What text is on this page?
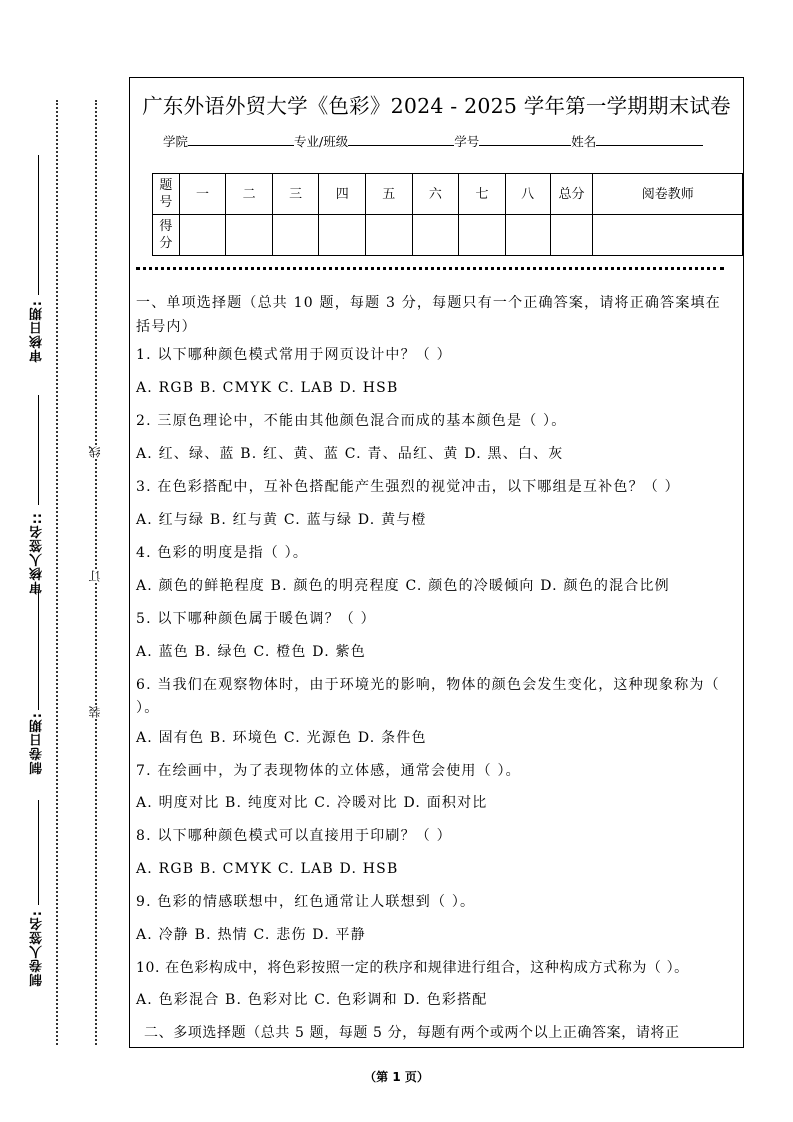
审核日期:
审核人签名::
制卷日期:
制卷人签名:
线
订
装
广东外语外贸大学《色彩》2024 - 2025 学年第一学期期末试卷
学院	专业/班级	学号	姓名
题号	一	二	三	四	五	六	七	八	总分	阅卷教师
得分										
一、单项选择题（总共 10 题，每题 3 分，每题只有一个正确答案，请将正确答案填在括号内）
1. 以下哪种颜色模式常用于网页设计中？（ ）
A. RGB B. CMYK C. LAB D. HSB
2. 三原色理论中，不能由其他颜色混合而成的基本颜色是（ ）。
A. 红、绿、蓝 B. 红、黄、蓝 C. 青、品红、黄 D. 黑、白、灰
3. 在色彩搭配中，互补色搭配能产生强烈的视觉冲击，以下哪组是互补色？（ ）
A. 红与绿 B. 红与黄 C. 蓝与绿 D. 黄与橙
4. 色彩的明度是指（ ）。
A. 颜色的鲜艳程度 B. 颜色的明亮程度 C. 颜色的冷暖倾向 D. 颜色的混合比例
5. 以下哪种颜色属于暖色调？（ ）
A. 蓝色 B. 绿色 C. 橙色 D. 紫色
6. 当我们在观察物体时，由于环境光的影响，物体的颜色会发生变化，这种现象称为（ ）。
A. 固有色 B. 环境色 C. 光源色 D. 条件色
7. 在绘画中，为了表现物体的立体感，通常会使用（ ）。
A. 明度对比 B. 纯度对比 C. 冷暖对比 D. 面积对比
8. 以下哪种颜色模式可以直接用于印刷？（ ）
A. RGB B. CMYK C. LAB D. HSB
9. 色彩的情感联想中，红色通常让人联想到（ ）。
A. 冷静 B. 热情 C. 悲伤 D. 平静
10. 在色彩构成中，将色彩按照一定的秩序和规律进行组合，这种构成方式称为（ ）。
A. 色彩混合 B. 色彩对比 C. 色彩调和 D. 色彩搭配
二、多项选择题（总共 5 题，每题 5 分，每题有两个或两个以上正确答案，请将正
（第 1 页）
